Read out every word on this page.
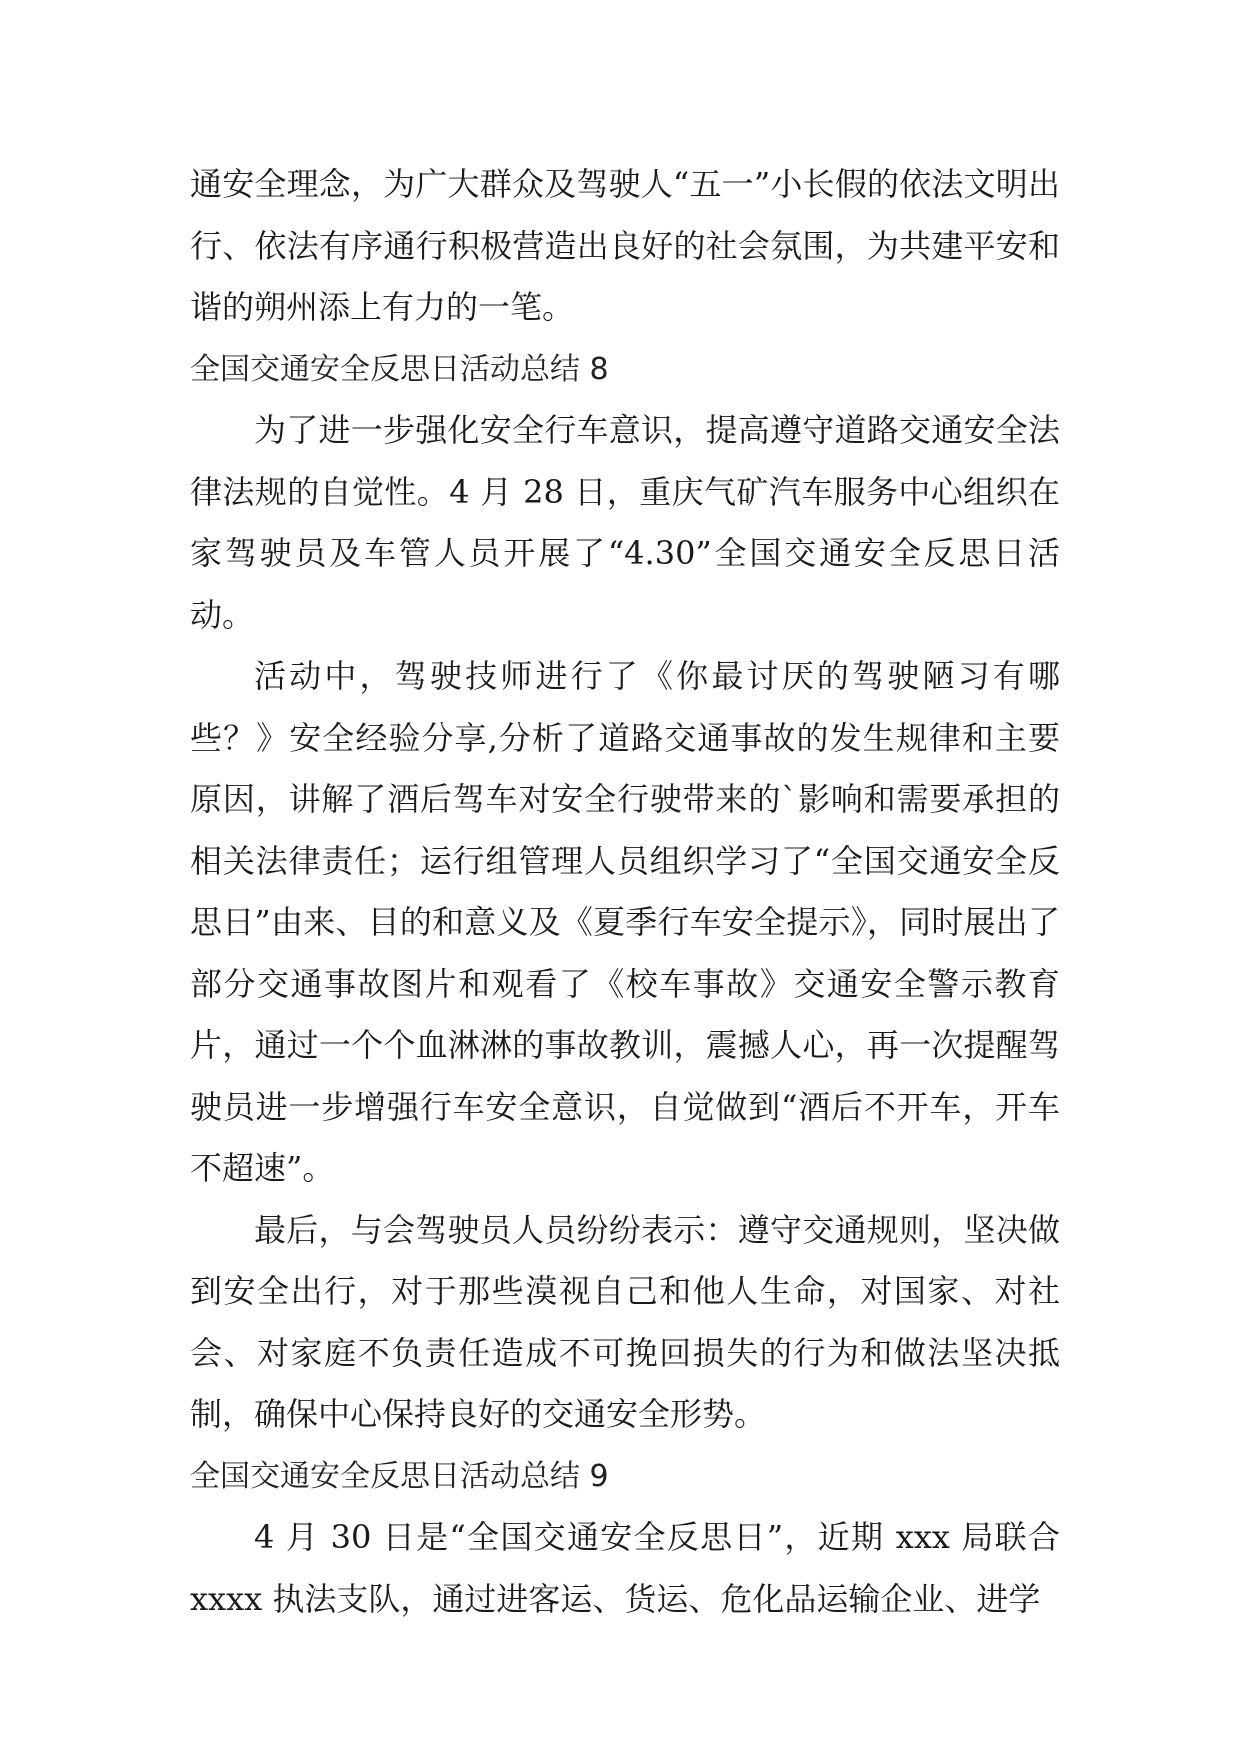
通安全理念，为广大群众及驾驶人“五一”小长假的依法文明出行、依法有序通行积极营造出良好的社会氛围，为共建平安和谐的朔州添上有力的一笔。

全国交通安全反思日活动总结 8

为了进一步强化安全行车意识，提高遵守道路交通安全法律法规的自觉性。4 月 28 日，重庆气矿汽车服务中心组织在家驾驶员及车管人员开展了“4.30”全国交通安全反思日活动。

活动中，驾驶技师进行了《你最讨厌的驾驶陋习有哪些？》安全经验分享,分析了道路交通事故的发生规律和主要原因，讲解了酒后驾车对安全行驶带来的`影响和需要承担的相关法律责任；运行组管理人员组织学习了“全国交通安全反思日”由来、目的和意义及《夏季行车安全提示》，同时展出了部分交通事故图片和观看了《校车事故》交通安全警示教育片，通过一个个血淋淋的事故教训，震撼人心，再一次提醒驾驶员进一步增强行车安全意识，自觉做到“酒后不开车，开车不超速”。

最后，与会驾驶员人员纷纷表示：遵守交通规则，坚决做到安全出行，对于那些漠视自己和他人生命，对国家、对社会、对家庭不负责任造成不可挽回损失的行为和做法坚决抵制，确保中心保持良好的交通安全形势。

全国交通安全反思日活动总结 9

4 月 30 日是“全国交通安全反思日”，近期 xxx 局联合 xxxx 执法支队，通过进客运、货运、危化品运输企业、进学
